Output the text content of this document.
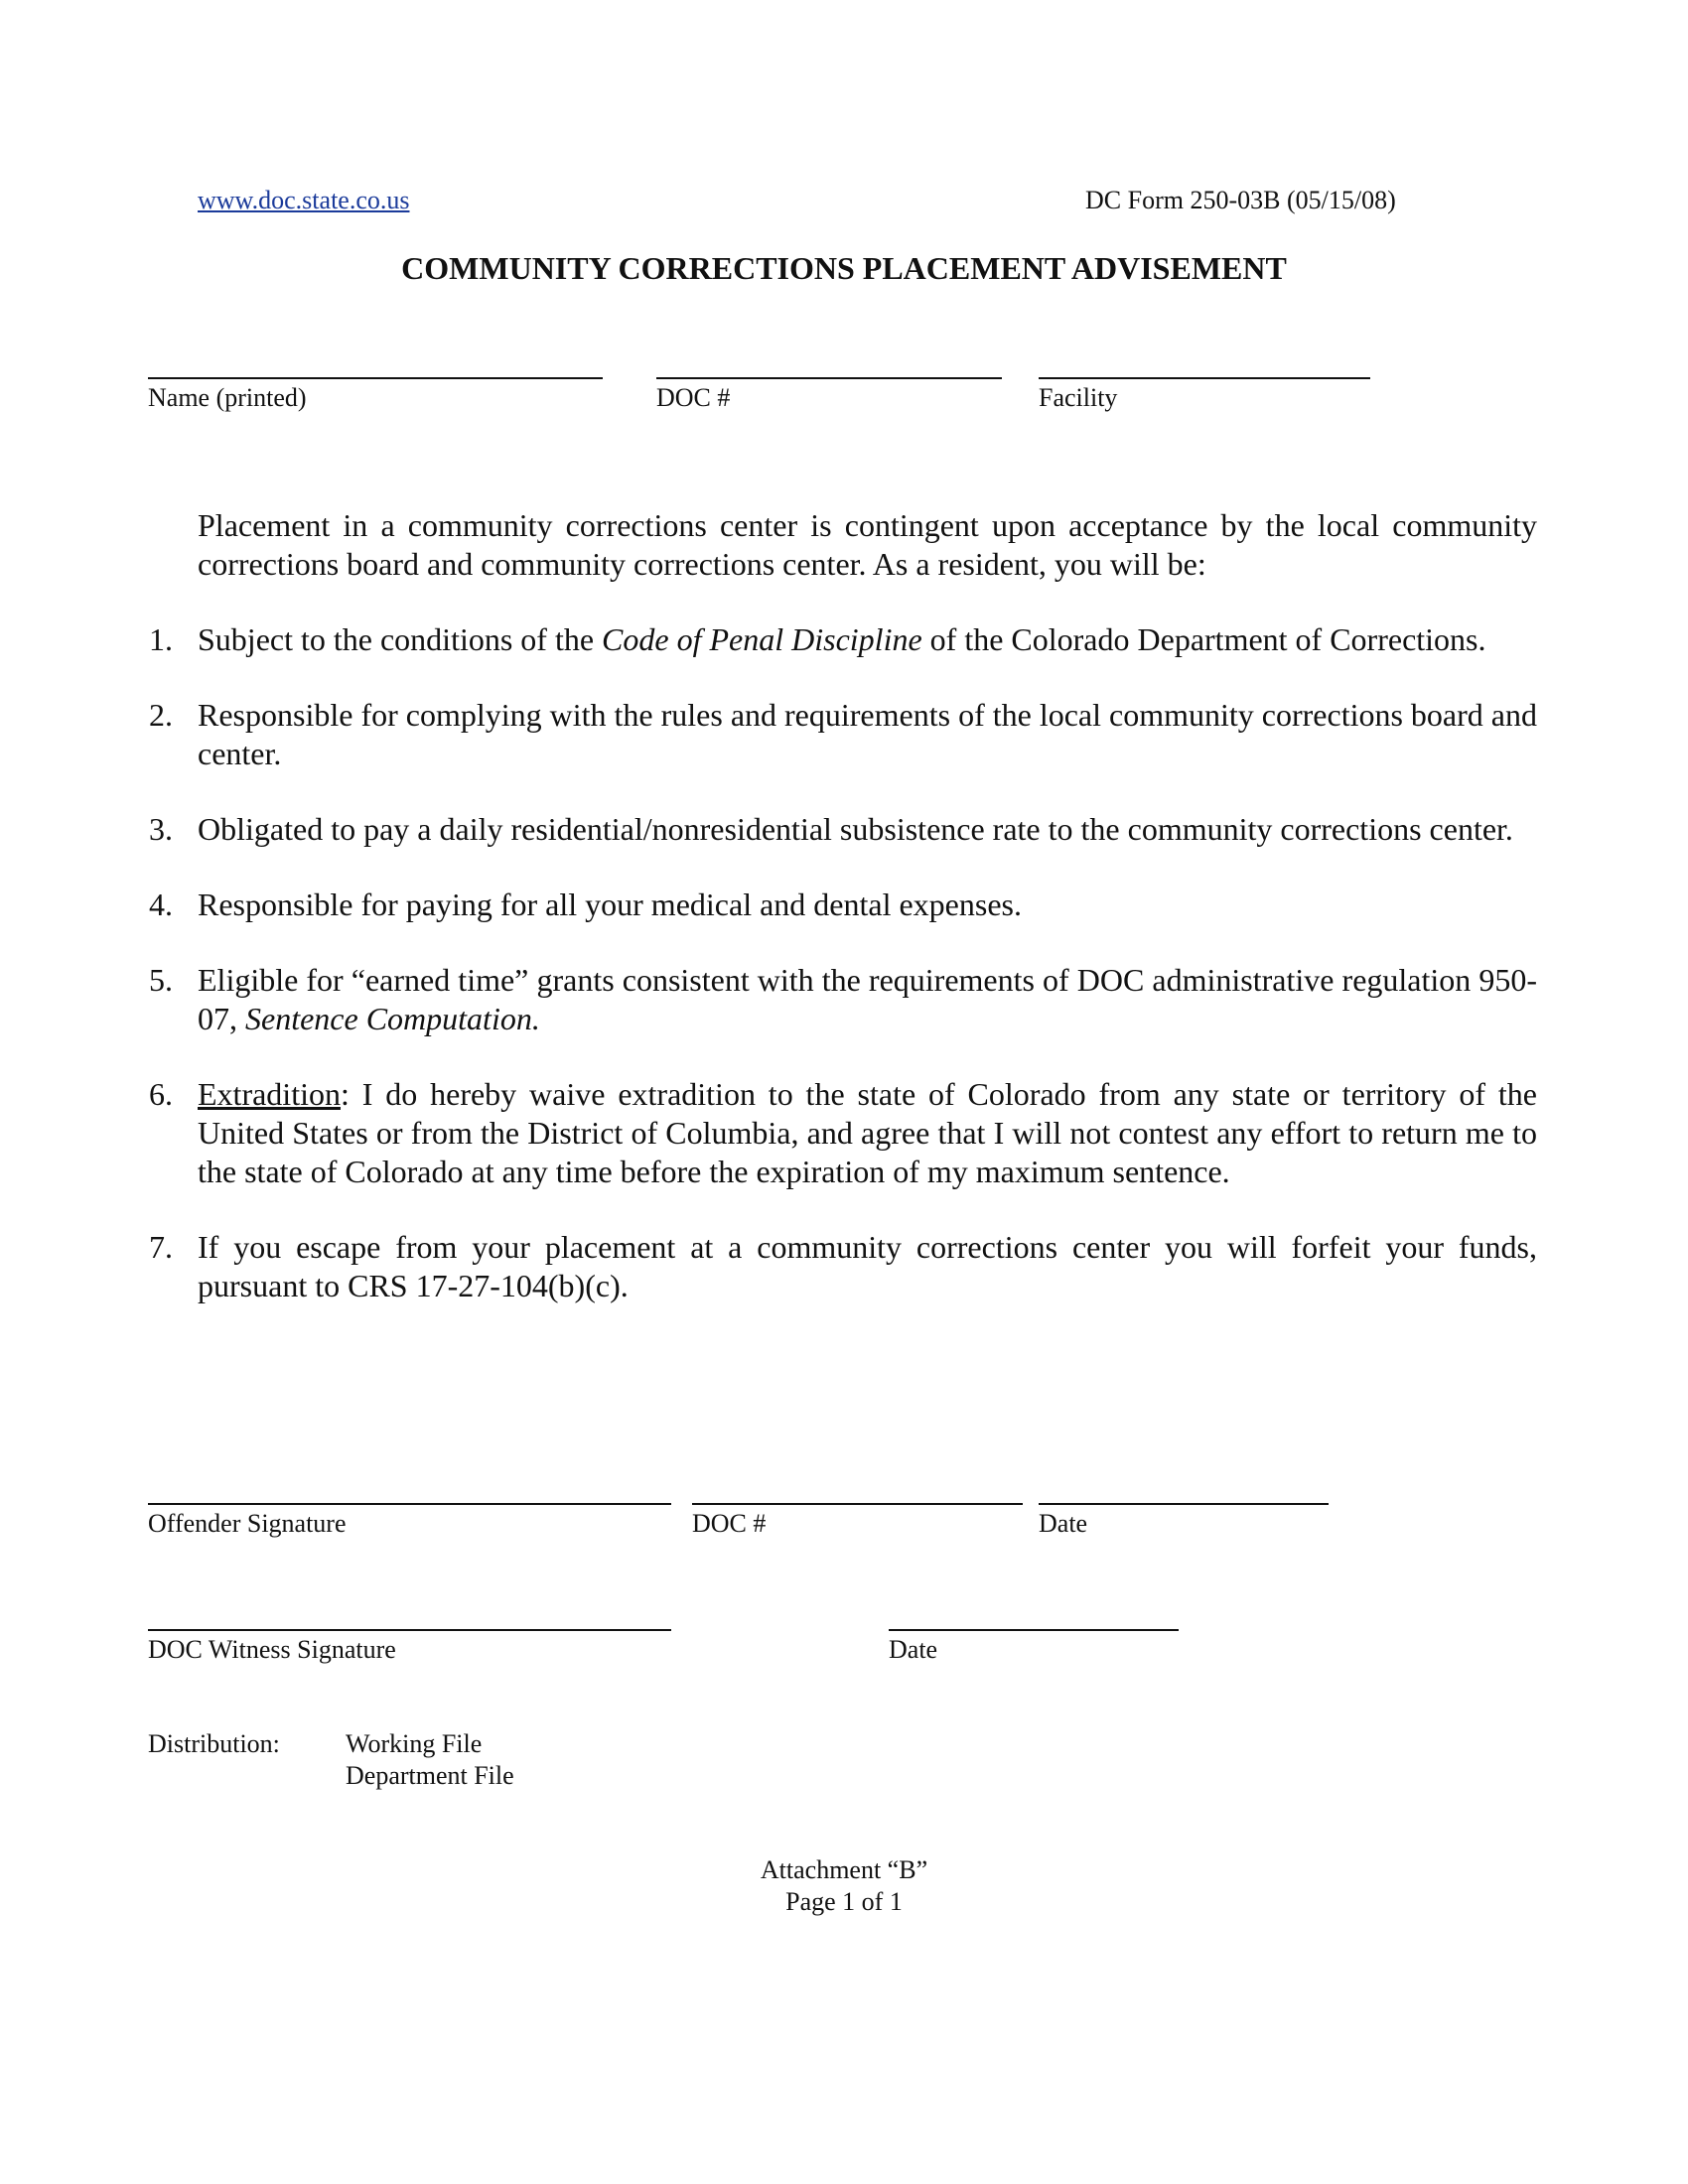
www.doc.state.co.us	DC Form 250-03B (05/15/08)
COMMUNITY CORRECTIONS PLACEMENT ADVISEMENT
Name (printed)	DOC #	Facility
Placement in a community corrections center is contingent upon acceptance by the local community corrections board and community corrections center. As a resident, you will be:
1. Subject to the conditions of the Code of Penal Discipline of the Colorado Department of Corrections.
2. Responsible for complying with the rules and requirements of the local community corrections board and center.
3. Obligated to pay a daily residential/nonresidential subsistence rate to the community corrections center.
4. Responsible for paying for all your medical and dental expenses.
5. Eligible for “earned time” grants consistent with the requirements of DOC administrative regulation 950-07, Sentence Computation.
6. Extradition: I do hereby waive extradition to the state of Colorado from any state or territory of the United States or from the District of Columbia, and agree that I will not contest any effort to return me to the state of Colorado at any time before the expiration of my maximum sentence.
7. If you escape from your placement at a community corrections center you will forfeit your funds, pursuant to CRS 17-27-104(b)(c).
Offender Signature	DOC #	Date
DOC Witness Signature	Date
Distribution:	Working File
Department File
Attachment “B”
Page 1 of 1
